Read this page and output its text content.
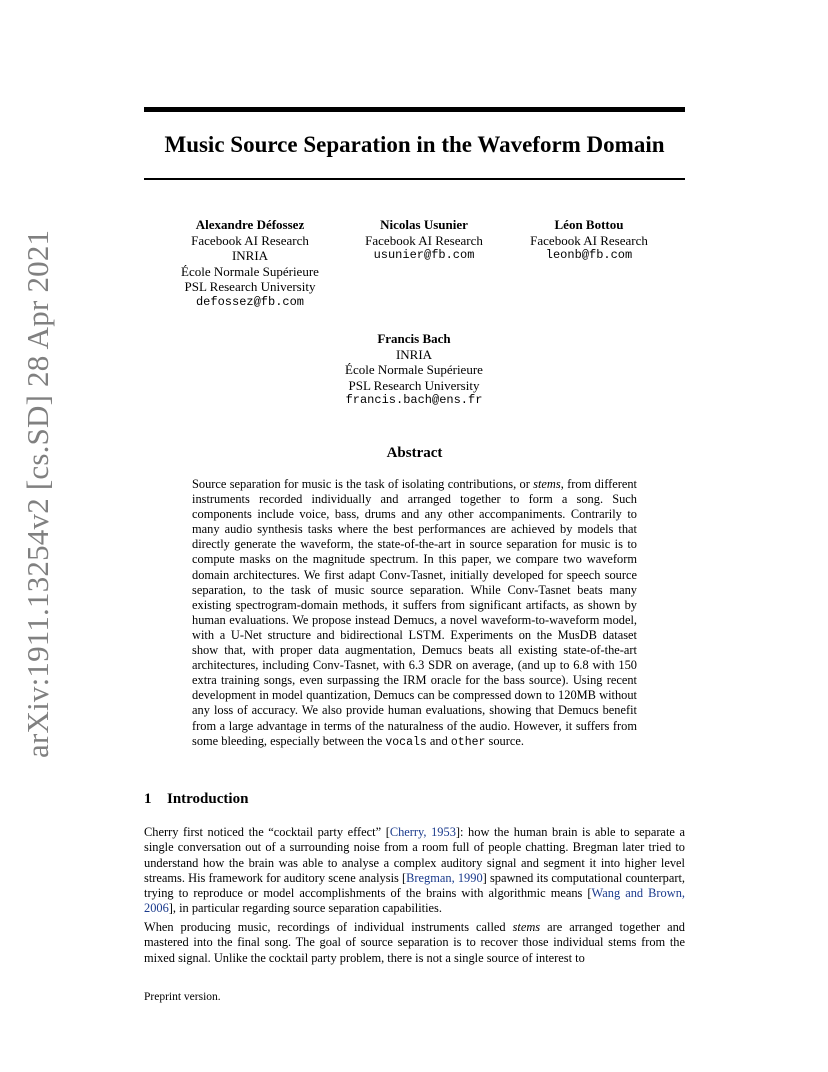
arXiv:1911.13254v2 [cs.SD] 28 Apr 2021
Music Source Separation in the Waveform Domain
Alexandre Défossez
Facebook AI Research
INRIA
École Normale Supérieure
PSL Research University
defossez@fb.com
Nicolas Usunier
Facebook AI Research
usunier@fb.com
Léon Bottou
Facebook AI Research
leonb@fb.com
Francis Bach
INRIA
École Normale Supérieure
PSL Research University
francis.bach@ens.fr
Abstract

Source separation for music is the task of isolating contributions, or stems, from different instruments recorded individually and arranged together to form a song. Such components include voice, bass, drums and any other accompaniments. Contrarily to many audio synthesis tasks where the best performances are achieved by models that directly generate the waveform, the state-of-the-art in source separation for music is to compute masks on the magnitude spectrum. In this paper, we compare two waveform domain architectures. We first adapt Conv-Tasnet, initially developed for speech source separation, to the task of music source separation. While Conv-Tasnet beats many existing spectrogram-domain methods, it suffers from significant artifacts, as shown by human evaluations. We propose instead Demucs, a novel waveform-to-waveform model, with a U-Net structure and bidirectional LSTM. Experiments on the MusDB dataset show that, with proper data augmentation, Demucs beats all existing state-of-the-art architectures, including Conv-Tasnet, with 6.3 SDR on average, (and up to 6.8 with 150 extra training songs, even surpassing the IRM oracle for the bass source). Using recent development in model quantization, Demucs can be compressed down to 120MB without any loss of accuracy. We also provide human evaluations, showing that Demucs benefit from a large advantage in terms of the naturalness of the audio. However, it suffers from some bleeding, especially between the vocals and other source.

1 Introduction

Cherry first noticed the “cocktail party effect” [Cherry, 1953]: how the human brain is able to separate a single conversation out of a surrounding noise from a room full of people chatting. Bregman later tried to understand how the brain was able to analyse a complex auditory signal and segment it into higher level streams. His framework for auditory scene analysis [Bregman, 1990] spawned its computational counterpart, trying to reproduce or model accomplishments of the brains with algorithmic means [Wang and Brown, 2006], in particular regarding source separation capabilities.

When producing music, recordings of individual instruments called stems are arranged together and mastered into the final song. The goal of source separation is to recover those individual stems from the mixed signal. Unlike the cocktail party problem, there is not a single source of interest to

Preprint version.
